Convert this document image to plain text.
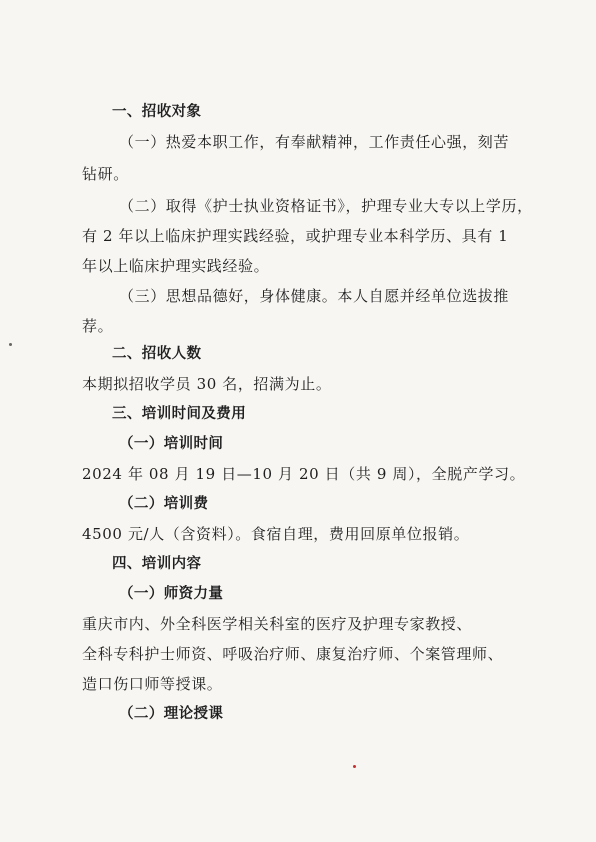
一、招收对象
（一）热爱本职工作，有奉献精神，工作责任心强，刻苦
钻研。
（二）取得《护士执业资格证书》，护理专业大专以上学历，
有 2 年以上临床护理实践经验，或护理专业本科学历、具有 1
年以上临床护理实践经验。
（三）思想品德好，身体健康。本人自愿并经单位选拔推
荐。
二、招收人数
本期拟招收学员 30 名，招满为止。
三、培训时间及费用
（一）培训时间
2024 年 08 月 19 日—10 月 20 日（共 9 周），全脱产学习。
（二）培训费
4500 元/人（含资料）。食宿自理，费用回原单位报销。
四、培训内容
（一）师资力量
重庆市内、外全科医学相关科室的医疗及护理专家教授、
全科专科护士师资、呼吸治疗师、康复治疗师、个案管理师、
造口伤口师等授课。
（二）理论授课
